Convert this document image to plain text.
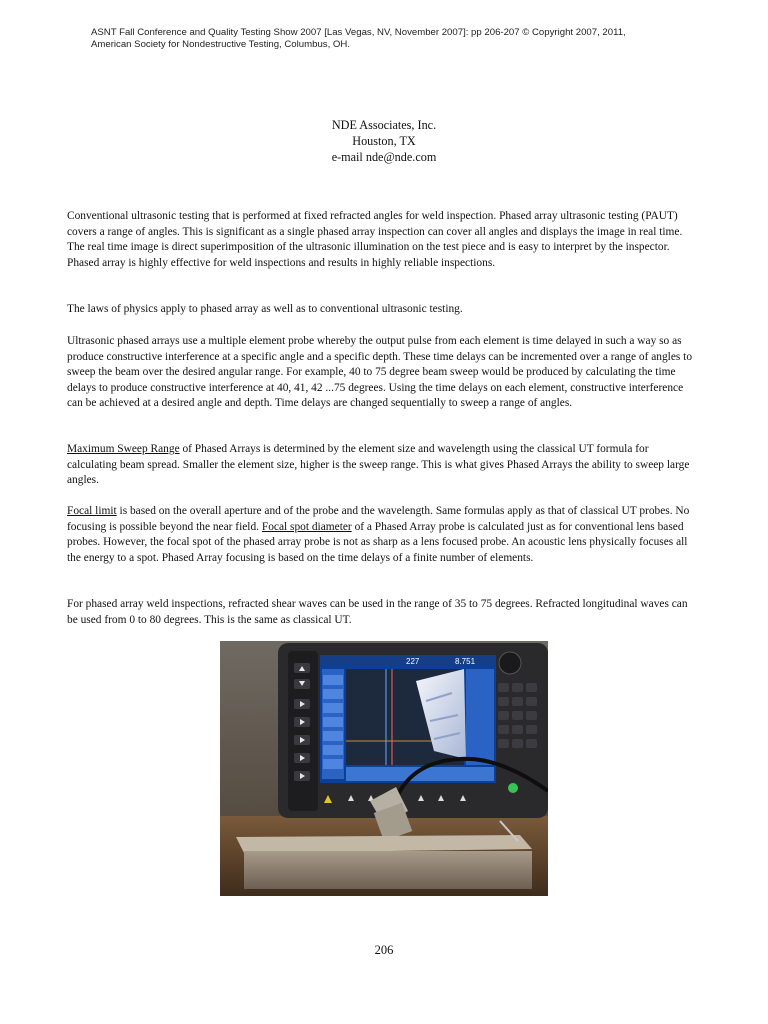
ASNT Fall Conference and Quality Testing Show 2007 [Las Vegas, NV, November 2007]: pp 206-207 © Copyright 2007, 2011,
American Society for Nondestructive Testing, Columbus, OH.
NDE Associates, Inc.
Houston, TX
e-mail nde@nde.com

Conventional ultrasonic testing that is performed at fixed refracted angles for weld inspection. Phased array ultrasonic testing (PAUT) covers a range of angles. This is significant as a single phased array inspection can cover all angles and displays the image in real time. The real time image is direct superimposition of the ultrasonic illumination on the test piece and is easy to interpret by the inspector. Phased array is highly effective for weld inspections and results in highly reliable inspections.

The laws of physics apply to phased array as well as to conventional ultrasonic testing.

Ultrasonic phased arrays use a multiple element probe whereby the output pulse from each element is time delayed in such a way so as produce constructive interference at a specific angle and a specific depth. These time delays can be incremented over a range of angles to sweep the beam over the desired angular range. For example, 40 to 75 degree beam sweep would be produced by calculating the time delays to produce constructive interference at 40, 41, 42 ...75 degrees. Using the time delays on each element, constructive interference can be achieved at a desired angle and depth. Time delays are changed sequentially to sweep a range of angles.

Maximum Sweep Range of Phased Arrays is determined by the element size and wavelength using the classical UT formula for calculating beam spread. Smaller the element size, higher is the sweep range. This is what gives Phased Arrays the ability to sweep large angles.

Focal limit is based on the overall aperture and of the probe and the wavelength. Same formulas apply as that of classical UT probes. No focusing is possible beyond the near field. Focal spot diameter of a Phased Array probe is calculated just as for conventional lens based probes. However, the focal spot of the phased array probe is not as sharp as a lens focused probe. An acoustic lens physically focuses all the energy to a spot. Phased Array focusing is based on the time delays of a finite number of elements.

For phased array weld inspections, refracted shear waves can be used in the range of 35 to 75 degrees. Refracted longitudinal waves can be used from 0 to 80 degrees. This is the same as classical UT.

227	8.751
206
